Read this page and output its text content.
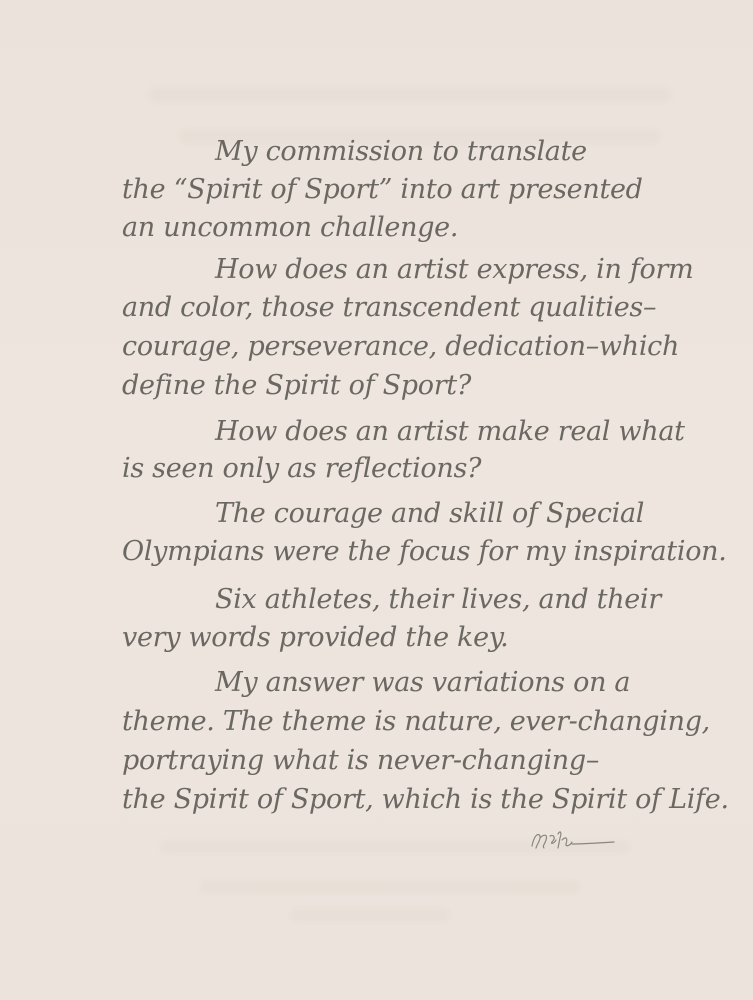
My commission to translate
the “Spirit of Sport” into art presented
an uncommon challenge.
How does an artist express, in form
and color, those transcendent qualities–
courage, perseverance, dedication–which
define the Spirit of Sport?
How does an artist make real what
is seen only as reflections?
The courage and skill of Special
Olympians were the focus for my inspiration.
Six athletes, their lives, and their
very words provided the key.
My answer was variations on a
theme. The theme is nature, ever-changing,
portraying what is never-changing–
the Spirit of Sport, which is the Spirit of Life.
